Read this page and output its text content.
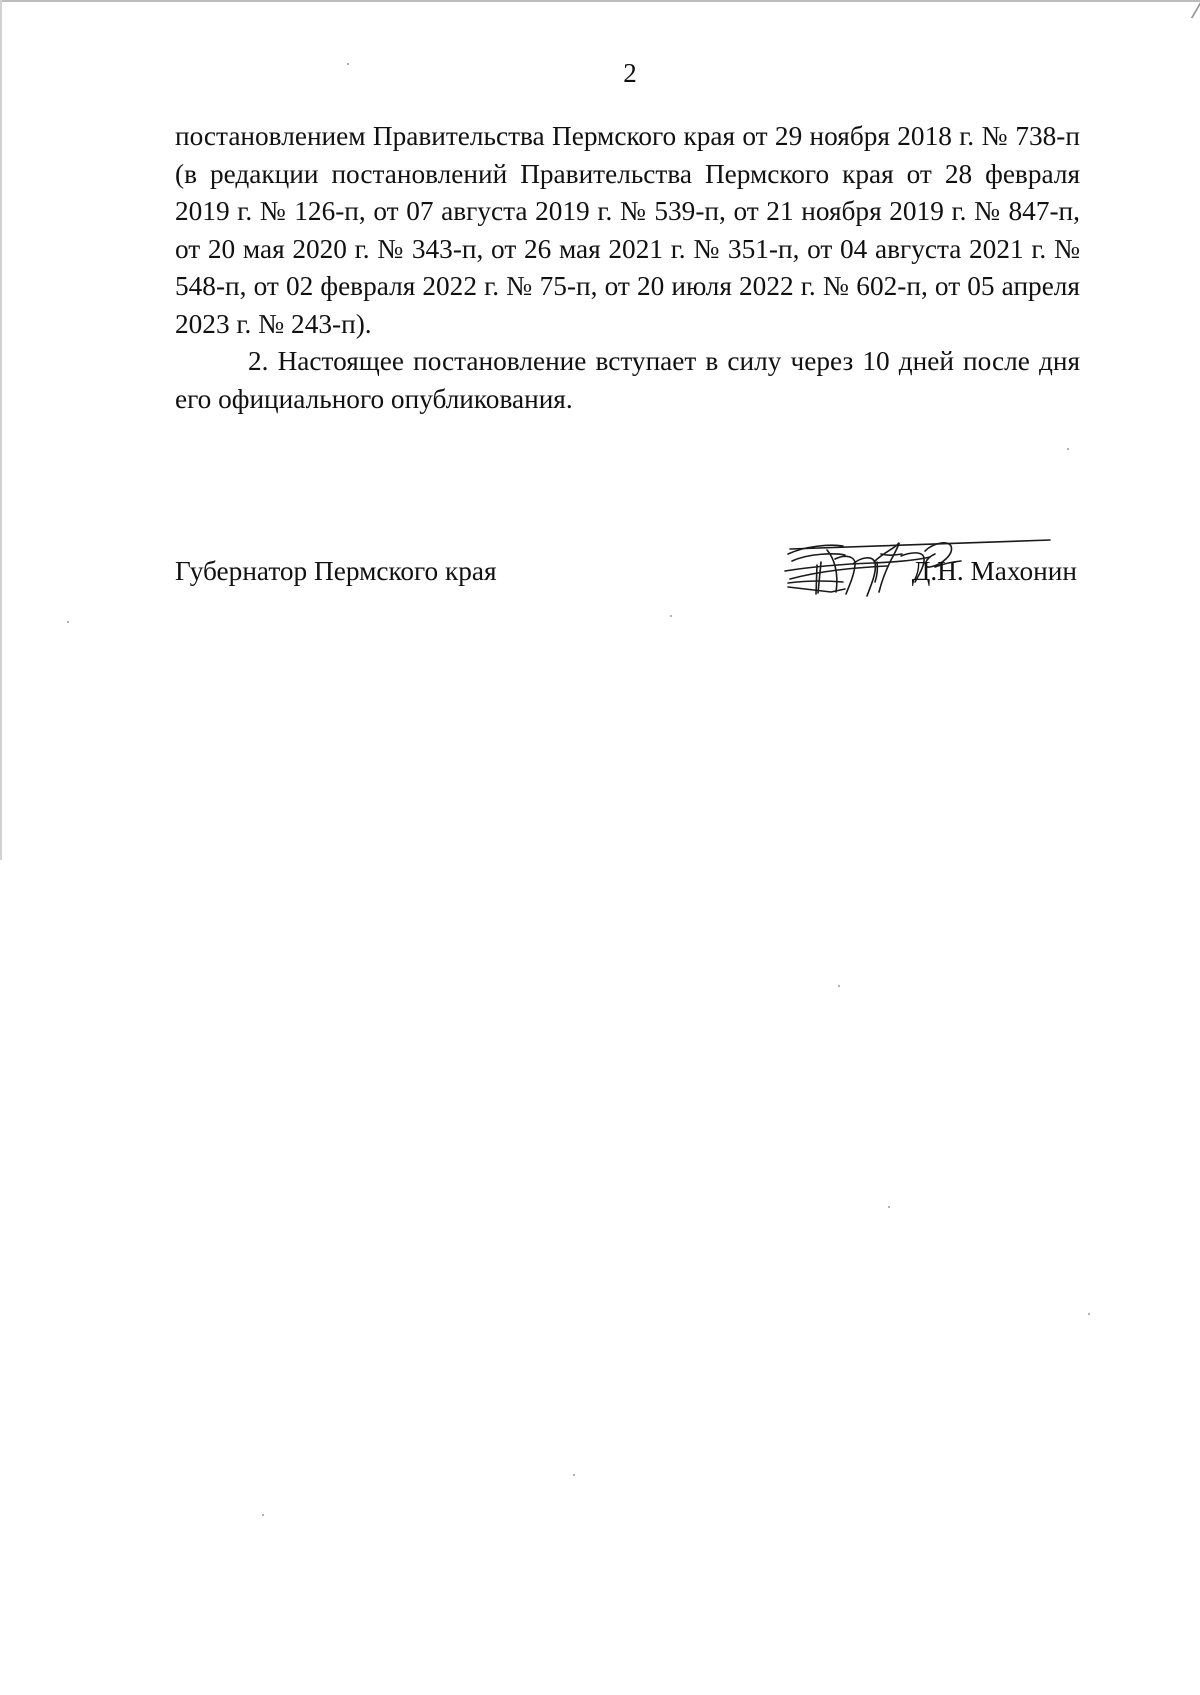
2

постановлением Правительства Пермского края от 29 ноября 2018 г. № 738-п (в редакции постановлений Правительства Пермского края от 28 февраля 2019 г. № 126-п, от 07 августа 2019 г. № 539-п, от 21 ноября 2019 г. № 847-п, от 20 мая 2020 г. № 343-п, от 26 мая 2021 г. № 351-п, от 04 августа 2021 г. № 548-п, от 02 февраля 2022 г. № 75-п, от 20 июля 2022 г. № 602-п, от 05 апреля 2023 г. № 243-п).

2. Настоящее постановление вступает в силу через 10 дней после дня его официального опубликования.

Губернатор Пермского края	Д.Н. Махонин
